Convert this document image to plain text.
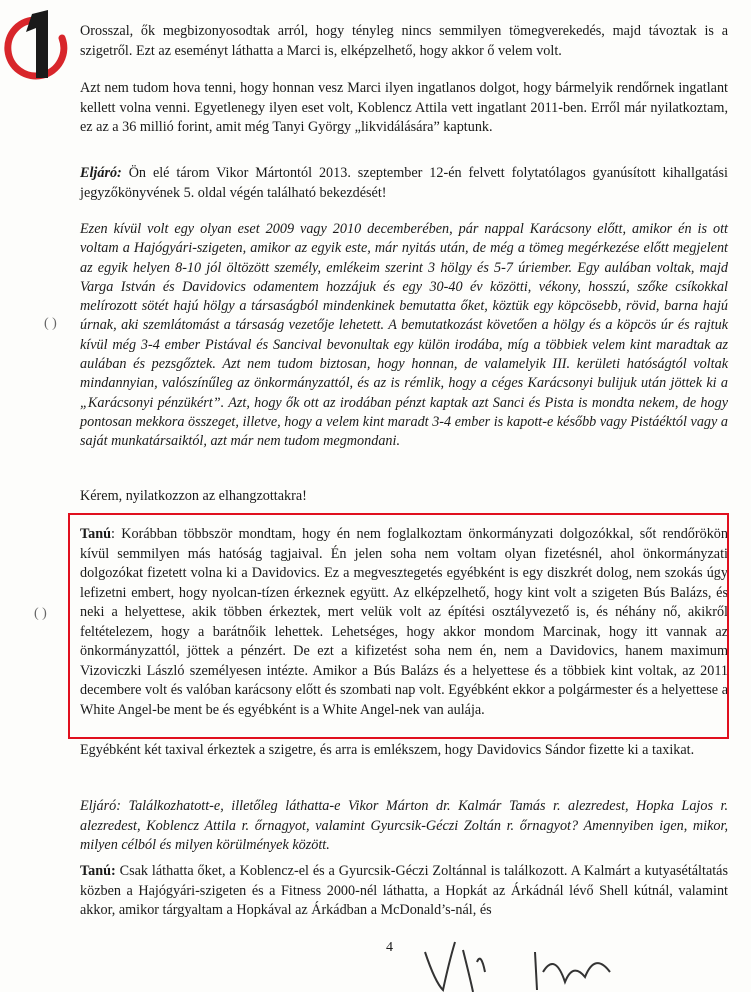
( )
( )

Orosszal, ők megbizonyosodtak arról, hogy tényleg nincs semmilyen tömegverekedés, majd távoztak is a szigetről. Ezt az eseményt láthatta a Marci is, elképzelhető, hogy akkor ő velem volt.

Azt nem tudom hova tenni, hogy honnan vesz Marci ilyen ingatlanos dolgot, hogy bármelyik rendőrnek ingatlant kellett volna venni. Egyetlenegy ilyen eset volt, Koblencz Attila vett ingatlant 2011-ben. Erről már nyilatkoztam, ez az a 36 millió forint, amit még Tanyi György „likvidálására” kaptunk.

Eljáró: Ön elé tárom Vikor Mártontól 2013. szeptember 12-én felvett folytatólagos gyanúsított kihallgatási jegyzőkönyvének 5. oldal végén található bekezdését!

Ezen kívül volt egy olyan eset 2009 vagy 2010 decemberében, pár nappal Karácsony előtt, amikor én is ott voltam a Hajógyári-szigeten, amikor az egyik este, már nyitás után, de még a tömeg megérkezése előtt megjelent az egyik helyen 8-10 jól öltözött személy, emlékeim szerint 3 hölgy és 5-7 úriember. Egy aulában voltak, majd Varga István és Davidovics odamentem hozzájuk és egy 30-40 év közötti, vékony, hosszú, szőke csíkokkal melírozott sötét hajú hölgy a társaságból mindenkinek bemutatta őket, köztük egy köpcösebb, rövid, barna hajú úrnak, aki szemlátomást a társaság vezetője lehetett. A bemutatkozást követően a hölgy és a köpcös úr és rajtuk kívül még 3-4 ember Pistával és Sancival bevonultak egy külön irodába, míg a többiek velem kint maradtak az aulában és pezsgőztek. Azt nem tudom biztosan, hogy honnan, de valamelyik III. kerületi hatóságtól voltak mindannyian, valószínűleg az önkormányzattól, és az is rémlik, hogy a céges Karácsonyi bulijuk után jöttek ki a „Karácsonyi pénzükért”. Azt, hogy ők ott az irodában pénzt kaptak azt Sanci és Pista is mondta nekem, de hogy pontosan mekkora összeget, illetve, hogy a velem kint maradt 3-4 ember is kapott-e később vagy Pistáéktól vagy a saját munkatársaiktól, azt már nem tudom megmondani.

Kérem, nyilatkozzon az elhangzottakra!

Tanú: Korábban többször mondtam, hogy én nem foglalkoztam önkormányzati dolgozókkal, sőt rendőrökön kívül semmilyen más hatóság tagjaival. Én jelen soha nem voltam olyan fizetésnél, ahol önkormányzati dolgozókat fizetett volna ki a Davidovics. Ez a megvesztegetés egyébként is egy diszkrét dolog, nem szokás úgy lefizetni embert, hogy nyolcan-tízen érkeznek együtt. Az elképzelhető, hogy kint volt a szigeten Bús Balázs, és neki a helyettese, akik többen érkeztek, mert velük volt az építési osztályvezető is, és néhány nő, akikről feltételezem, hogy a barátnőik lehettek. Lehetséges, hogy akkor mondom Marcinak, hogy itt vannak az önkormányzattól, jöttek a pénzért. De ezt a kifizetést soha nem én, nem a Davidovics, hanem maximum Vizoviczki László személyesen intézte. Amikor a Bús Balázs és a helyettese és a többiek kint voltak, az 2011 decembere volt és valóban karácsony előtt és szombati nap volt. Egyébként ekkor a polgármester és a helyettese a White Angel-be ment be és egyébként is a White Angel-nek van aulája.

Egyébként két taxival érkeztek a szigetre, és arra is emlékszem, hogy Davidovics Sándor fizette ki a taxikat.

Eljáró: Találkozhatott-e, illetőleg láthatta-e Vikor Márton dr. Kalmár Tamás r. alezredest, Hopka Lajos r. alezredest, Koblencz Attila r. őrnagyot, valamint Gyurcsik-Géczi Zoltán r. őrnagyot? Amennyiben igen, mikor, milyen célból és milyen körülmények között.

Tanú: Csak láthatta őket, a Koblencz-el és a Gyurcsik-Géczi Zoltánnal is találkozott. A Kalmárt a kutyasétáltatás közben a Hajógyári-szigeten és a Fitness 2000-nél láthatta, a Hopkát az Árkádnál lévő Shell kútnál, valamint akkor, amikor tárgyaltam a Hopkával az Árkádban a McDonald’s-nál, és

4
